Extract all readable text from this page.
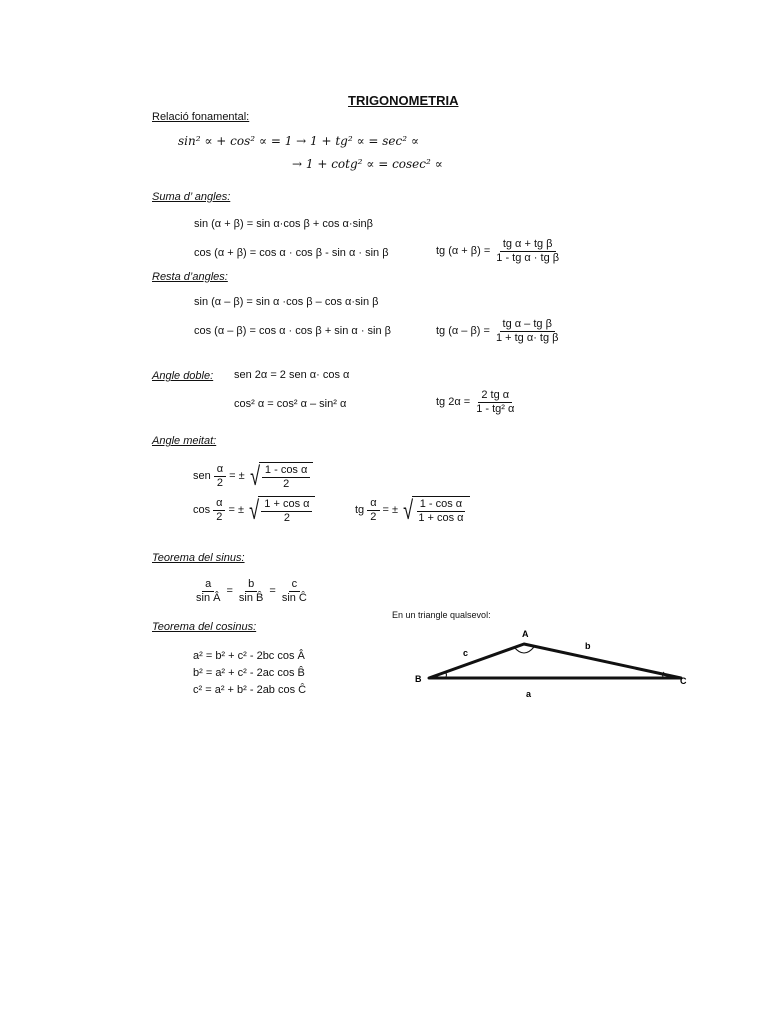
TRIGONOMETRIA
Relació fonamental:
sin² ∝ + cos² ∝ = 1 → 1 + tg² ∝ = sec² ∝
→ 1 + cotg² ∝ = cosec² ∝
Suma d’ angles:
sin (α + β) = sin α·cos β + cos α·sinβ
cos (α + β) = cos α · cos β - sin α · sin β	tg $(\alpha + \beta) = \frac{\text{tg α + tg β}}{\text{1 - tg α · tg β}}$
Resta d’angles:
sin (α – β) = sin α ·cos β – cos α·sin β
cos (α – β) = cos α · cos β + sin α · sin β	tg $(\alpha - \beta) = \frac{\text{tg α – tg β}}{\text{1 + tg α· tg β}}$
Angle doble: sen 2α = 2 sen α· cos α
cos² α = cos² α – sin² α	tg $2\alpha = \frac{\text{2 tg α}}{\text{1 - tg² α}}$
Angle meitat:
sen $\frac{\alpha}{2}$ = ± √ $\frac{\text{1 - cos α}}{2}$
$\cos \frac{\alpha}{2}$ = ± √ $\frac{\text{1 + cos α}}{2}$	tg $\frac{\alpha}{2}$ = ± √ $\frac{\text{1 - cos α}}{\text{1 + cos α}}$
Teorema del sinus:
$\frac{a}{\text{sin Â}} = \frac{b}{\text{sin B̂}} = \frac{c}{\text{sin Ĉ}}$
Teorema del cosinus:
a² = b² + c² - 2bc cos Â
b² = a² + c² - 2ac cos B̂
c² = a² + b² - 2ab cos Ĉ
En un triangle qualsevol:
A
B	C
c
b
a
